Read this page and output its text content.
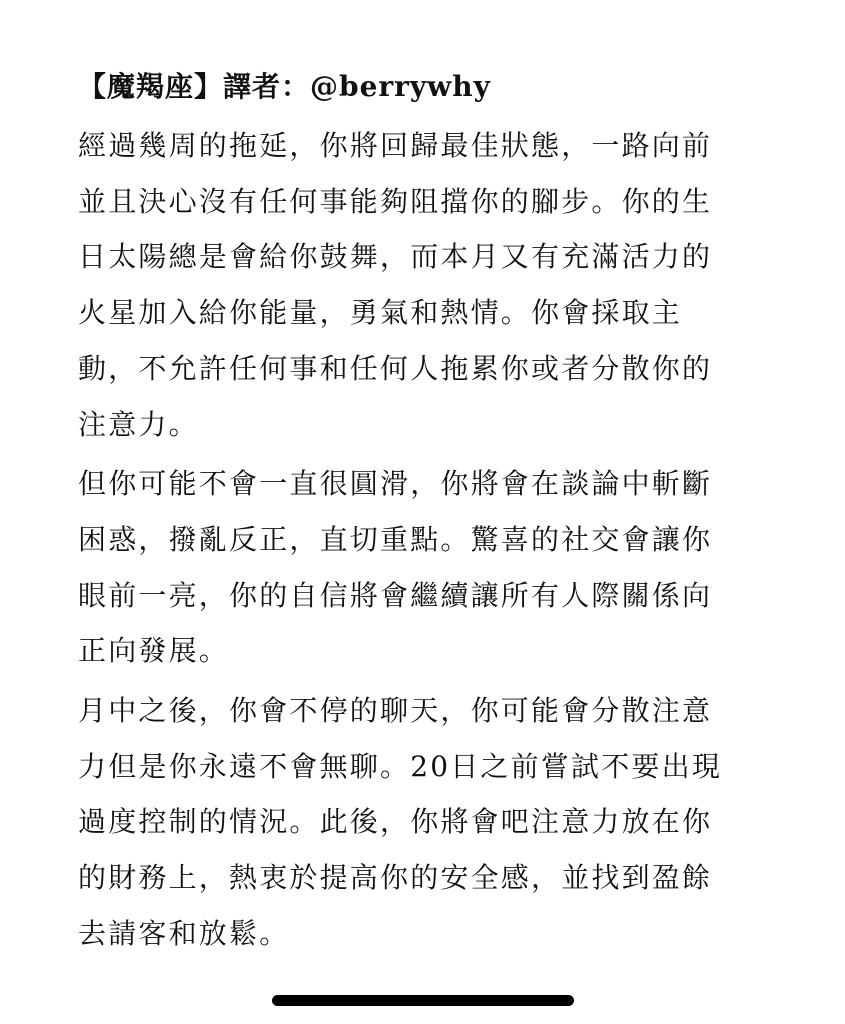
【魔羯座】譯者：@berrywhy
經過幾周的拖延，你將回歸最佳狀態，一路向前
並且決心沒有任何事能夠阻擋你的腳步。你的生
日太陽總是會給你鼓舞，而本月又有充滿活力的
火星加入給你能量，勇氣和熱情。你會採取主
動，不允許任何事和任何人拖累你或者分散你的
注意力。
但你可能不會一直很圓滑，你將會在談論中斬斷
困惑，撥亂反正，直切重點。驚喜的社交會讓你
眼前一亮，你的自信將會繼續讓所有人際關係向
正向發展。
月中之後，你會不停的聊天，你可能會分散注意
力但是你永遠不會無聊。20日之前嘗試不要出現
過度控制的情況。此後，你將會吧注意力放在你
的財務上，熱衷於提高你的安全感，並找到盈餘
去請客和放鬆。
